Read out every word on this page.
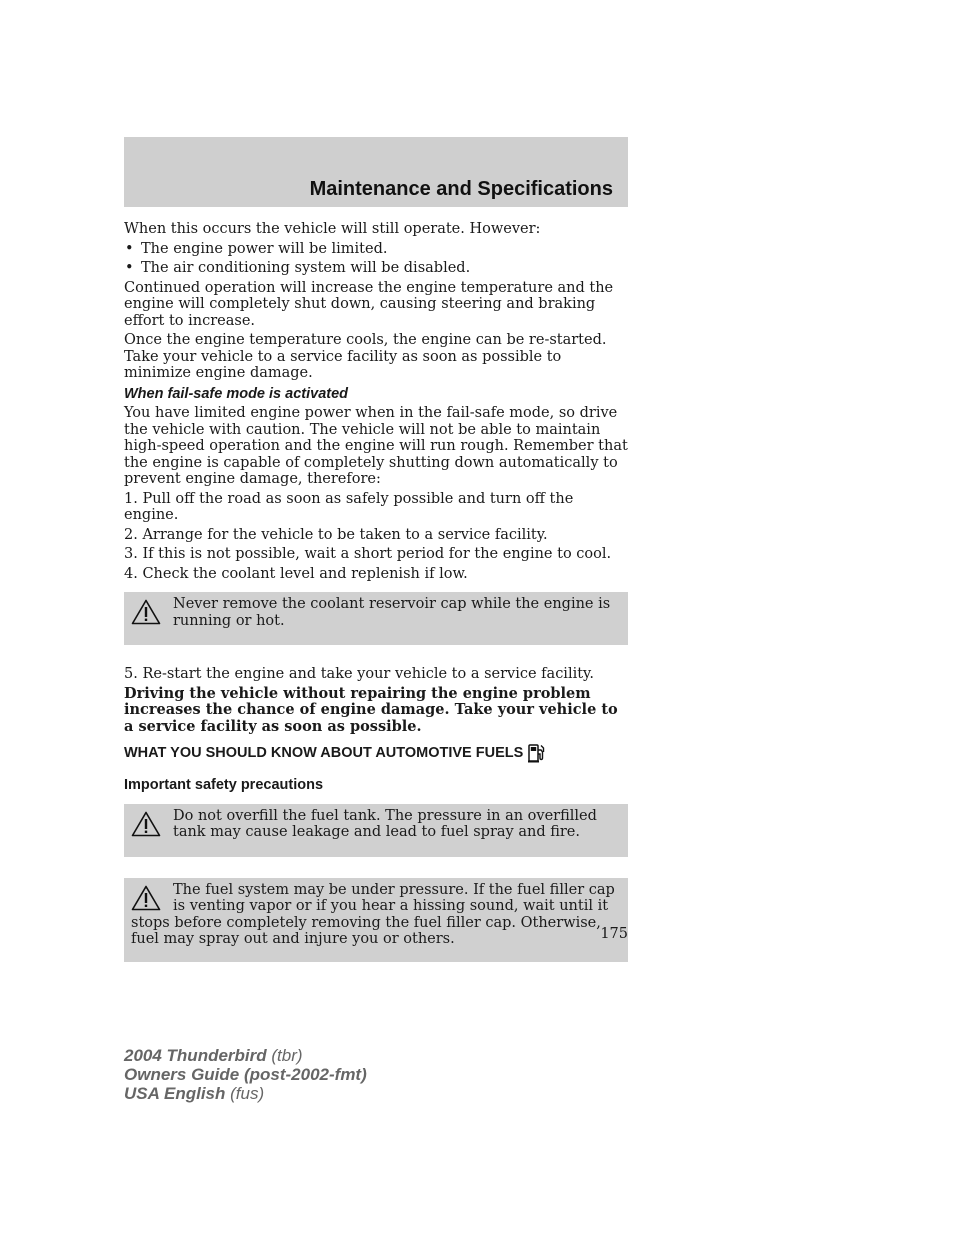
Maintenance and Specifications

When this occurs the vehicle will still operate. However:

• The engine power will be limited.
• The air conditioning system will be disabled.

Continued operation will increase the engine temperature and the engine will completely shut down, causing steering and braking effort to increase.

Once the engine temperature cools, the engine can be re-started. Take your vehicle to a service facility as soon as possible to minimize engine damage.

When fail-safe mode is activated

You have limited engine power when in the fail-safe mode, so drive the vehicle with caution. The vehicle will not be able to maintain high-speed operation and the engine will run rough. Remember that the engine is capable of completely shutting down automatically to prevent engine damage, therefore:

1. Pull off the road as soon as safely possible and turn off the engine.
2. Arrange for the vehicle to be taken to a service facility.
3. If this is not possible, wait a short period for the engine to cool.
4. Check the coolant level and replenish if low.
Never remove the coolant reservoir cap while the engine is running or hot.
5. Re-start the engine and take your vehicle to a service facility.

Driving the vehicle without repairing the engine problem increases the chance of engine damage. Take your vehicle to a service facility as soon as possible.

WHAT YOU SHOULD KNOW ABOUT AUTOMOTIVE FUELS
Important safety precautions
Do not overfill the fuel tank. The pressure in an overfilled tank may cause leakage and lead to fuel spray and fire.
The fuel system may be under pressure. If the fuel filler cap is venting vapor or if you hear a hissing sound, wait until it stops before completely removing the fuel filler cap. Otherwise, fuel may spray out and injure you or others.	175
2004 Thunderbird (tbr)
Owners Guide (post-2002-fmt)
USA English (fus)
